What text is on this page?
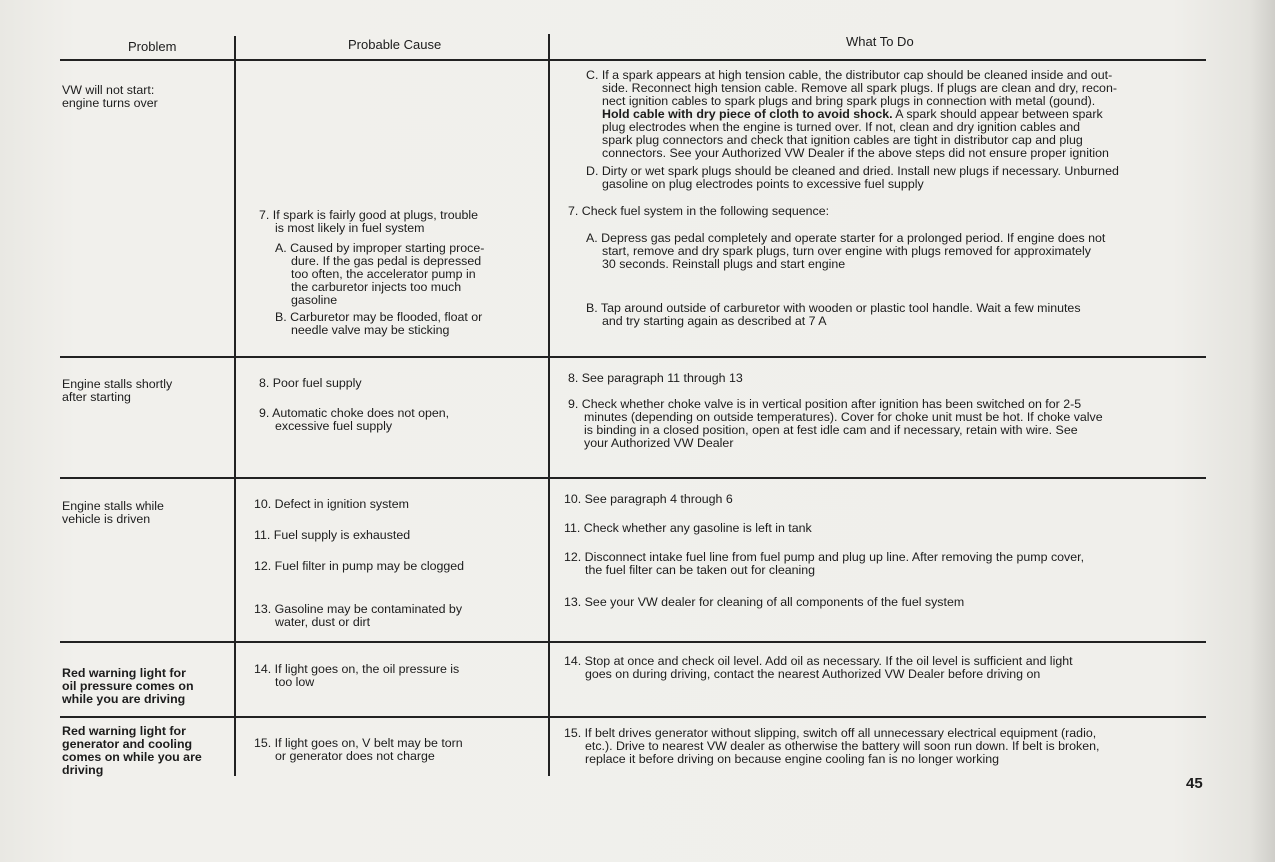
Problem	Probable Cause	What To Do

VW will not start:

engine turns over

C. If a spark appears at high tension cable, the distributor cap should be cleaned inside and out-

side. Reconnect high tension cable. Remove all spark plugs. If plugs are clean and dry, recon-

nect ignition cables to spark plugs and bring spark plugs in connection with metal (gound).

Hold cable with dry piece of cloth to avoid shock. A spark should appear between spark

plug electrodes when the engine is turned over. If not, clean and dry ignition cables and

spark plug connectors and check that ignition cables are tight in distributor cap and plug

connectors. See your Authorized VW Dealer if the above steps did not ensure proper ignition

D. Dirty or wet spark plugs should be cleaned and dried. Install new plugs if necessary. Unburned

gasoline on plug electrodes points to excessive fuel supply

7. If spark is fairly good at plugs, trouble

is most likely in fuel system

A. Caused by improper starting proce-

dure. If the gas pedal is depressed

too often, the accelerator pump in

the carburetor injects too much

gasoline

B. Carburetor may be flooded, float or

needle valve may be sticking

7. Check fuel system in the following sequence:

A. Depress gas pedal completely and operate starter for a prolonged period. If engine does not

start, remove and dry spark plugs, turn over engine with plugs removed for approximately

30 seconds. Reinstall plugs and start engine

B. Tap around outside of carburetor with wooden or plastic tool handle. Wait a few minutes

and try starting again as described at 7 A

Engine stalls shortly

after starting

8. Poor fuel supply

9. Automatic choke does not open,

excessive fuel supply

8. See paragraph 11 through 13

9. Check whether choke valve is in vertical position after ignition has been switched on for 2-5

minutes (depending on outside temperatures). Cover for choke unit must be hot. If choke valve

is binding in a closed position, open at fest idle cam and if necessary, retain with wire. See

your Authorized VW Dealer

Engine stalls while

vehicle is driven

10. Defect in ignition system
11. Fuel supply is exhausted
12. Fuel filter in pump may be clogged

13. Gasoline may be contaminated by

water, dust or dirt

10. See paragraph 4 through 6
11. Check whether any gasoline is left in tank

12. Disconnect intake fuel line from fuel pump and plug up line. After removing the pump cover,

the fuel filter can be taken out for cleaning

13. See your VW dealer for cleaning of all components of the fuel system

Red warning light for

oil pressure comes on

while you are driving

14. If light goes on, the oil pressure is

too low

14. Stop at once and check oil level. Add oil as necessary. If the oil level is sufficient and light

goes on during driving, contact the nearest Authorized VW Dealer before driving on

Red warning light for

generator and cooling

comes on while you are

driving

15. If light goes on, V belt may be torn

or generator does not charge

15. If belt drives generator without slipping, switch off all unnecessary electrical equipment (radio,

etc.). Drive to nearest VW dealer as otherwise the battery will soon run down. If belt is broken,

replace it before driving on because engine cooling fan is no longer working

45
